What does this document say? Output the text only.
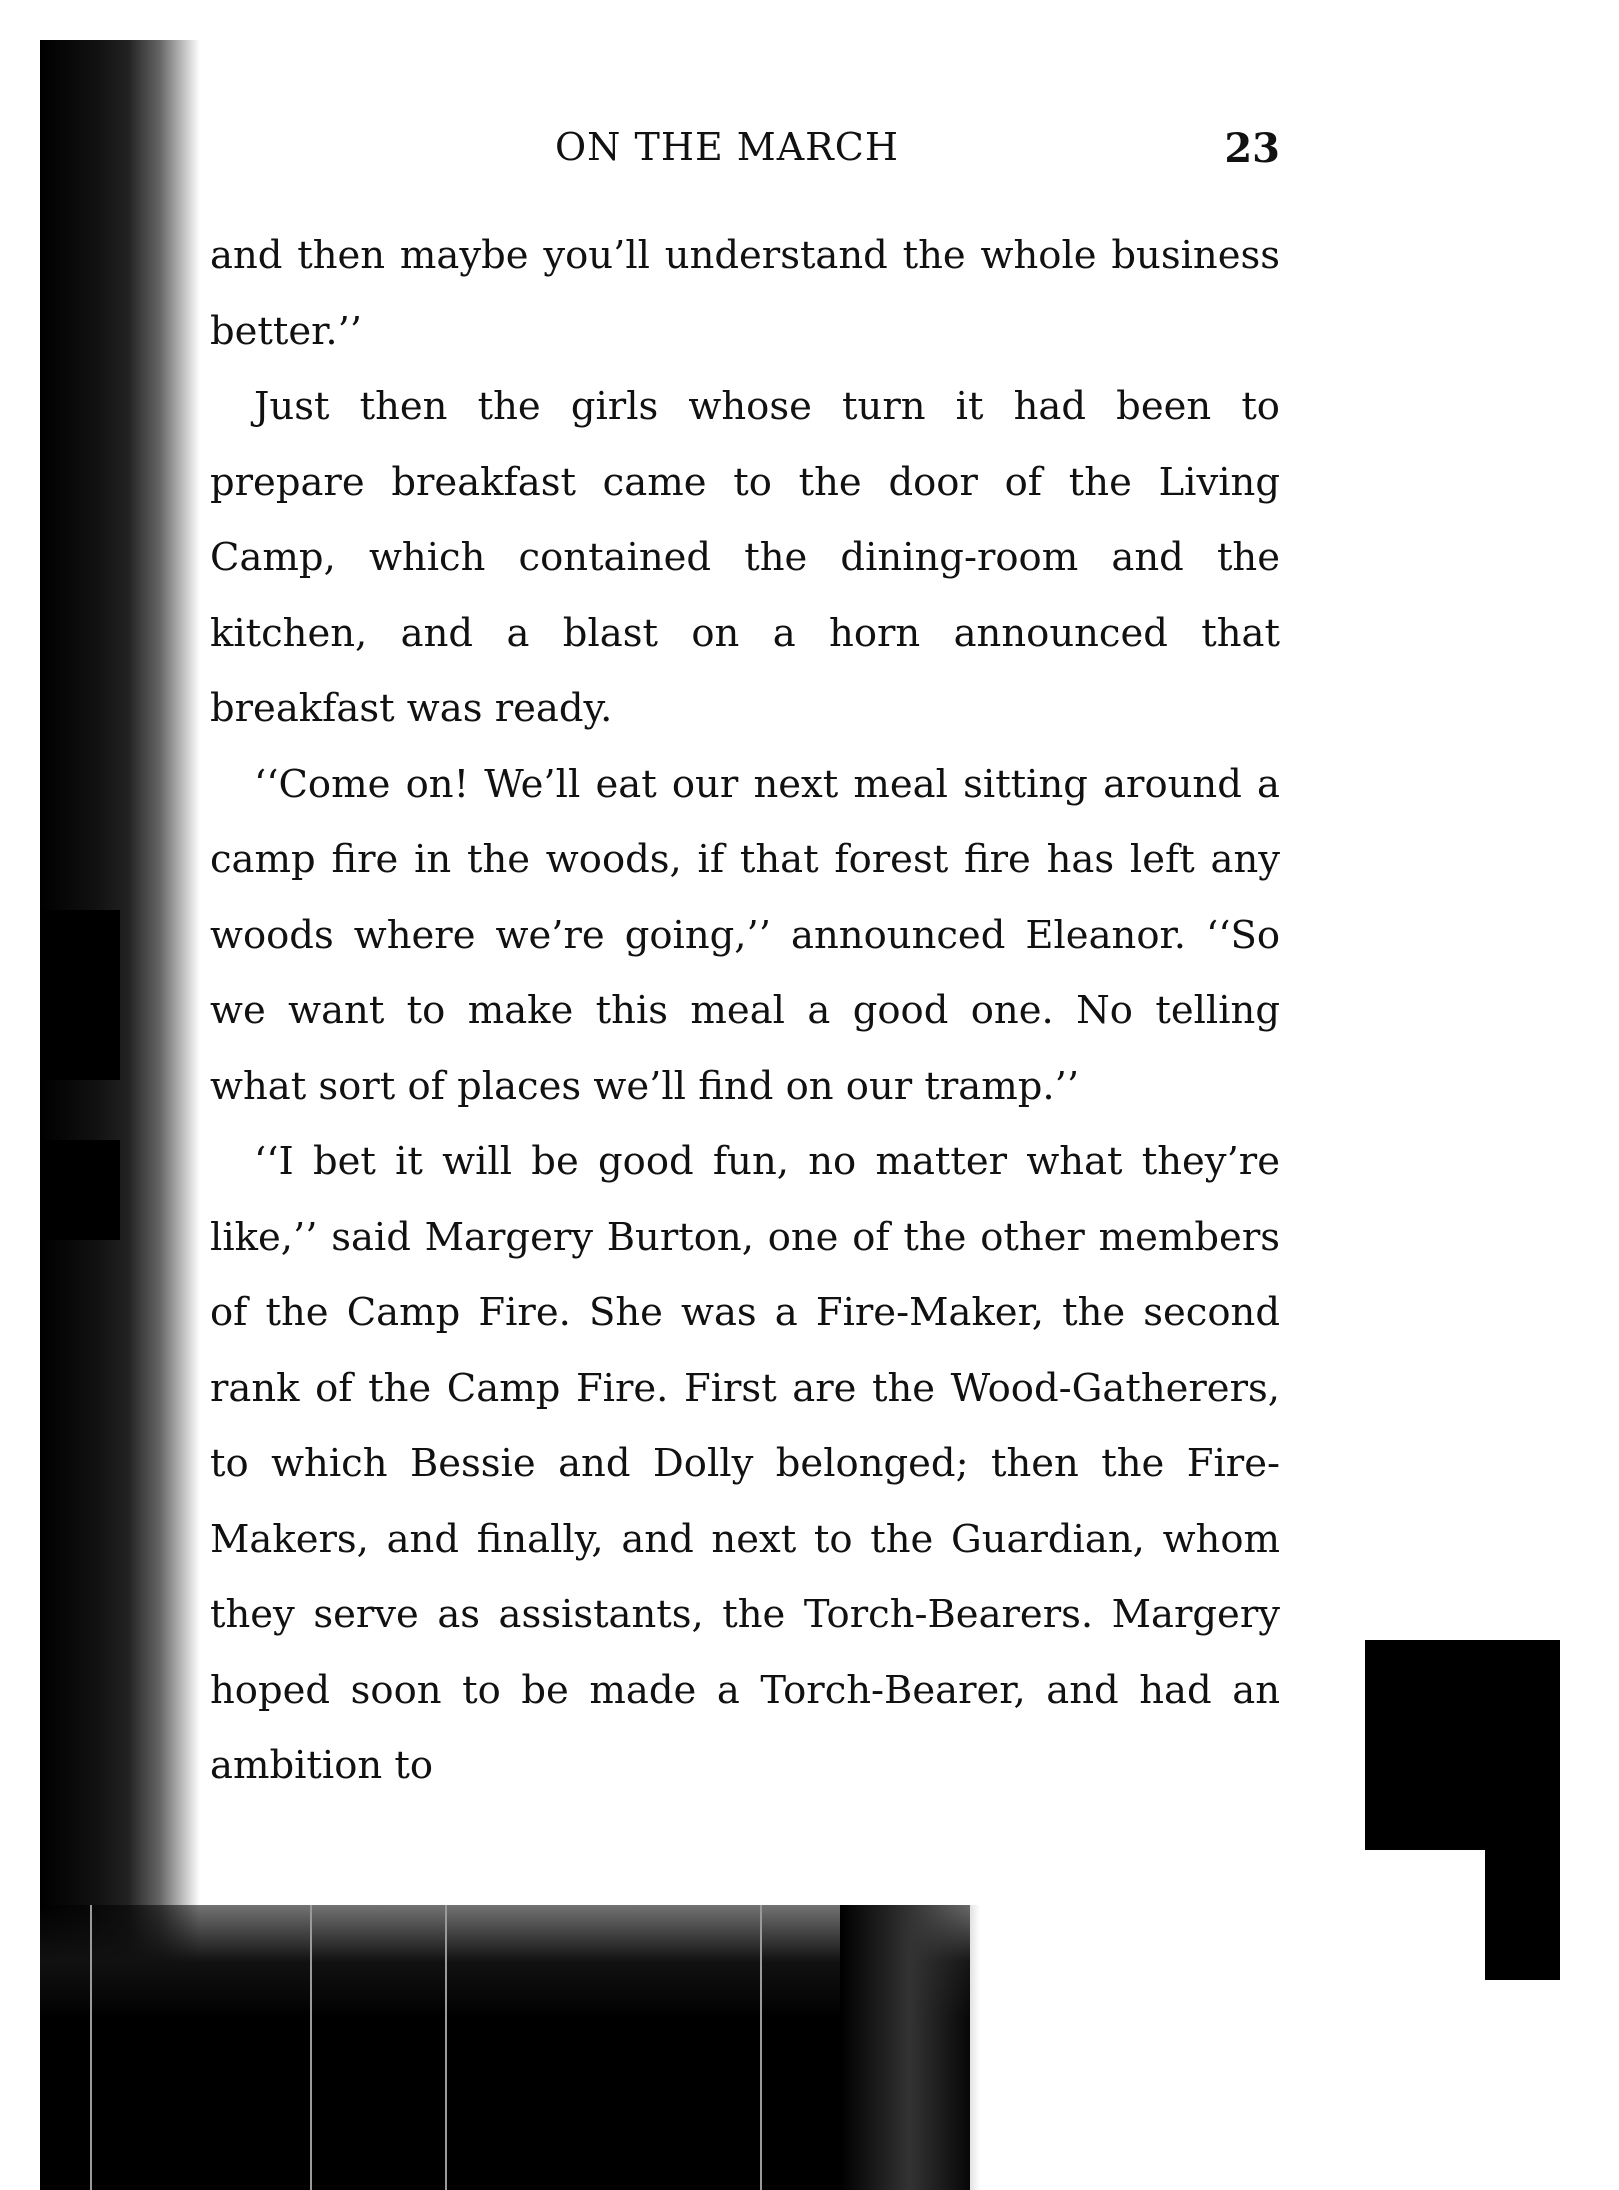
ON THE MARCH	23

and then maybe you’ll understand the whole business better.’’

Just then the girls whose turn it had been to prepare breakfast came to the door of the Living Camp, which contained the dining-room and the kitchen, and a blast on a horn announced that breakfast was ready.

‘‘Come on! We’ll eat our next meal sitting around a camp fire in the woods, if that forest fire has left any woods where we’re going,’’ announced Eleanor. ‘‘So we want to make this meal a good one. No telling what sort of places we’ll find on our tramp.’’

‘‘I bet it will be good fun, no matter what they’re like,’’ said Margery Burton, one of the other members of the Camp Fire. She was a Fire-Maker, the second rank of the Camp Fire. First are the Wood-Gatherers, to which Bessie and Dolly belonged; then the Fire-Makers, and finally, and next to the Guardian, whom they serve as assistants, the Torch-Bearers. Margery hoped soon to be made a Torch-Bearer, and had an ambition to
